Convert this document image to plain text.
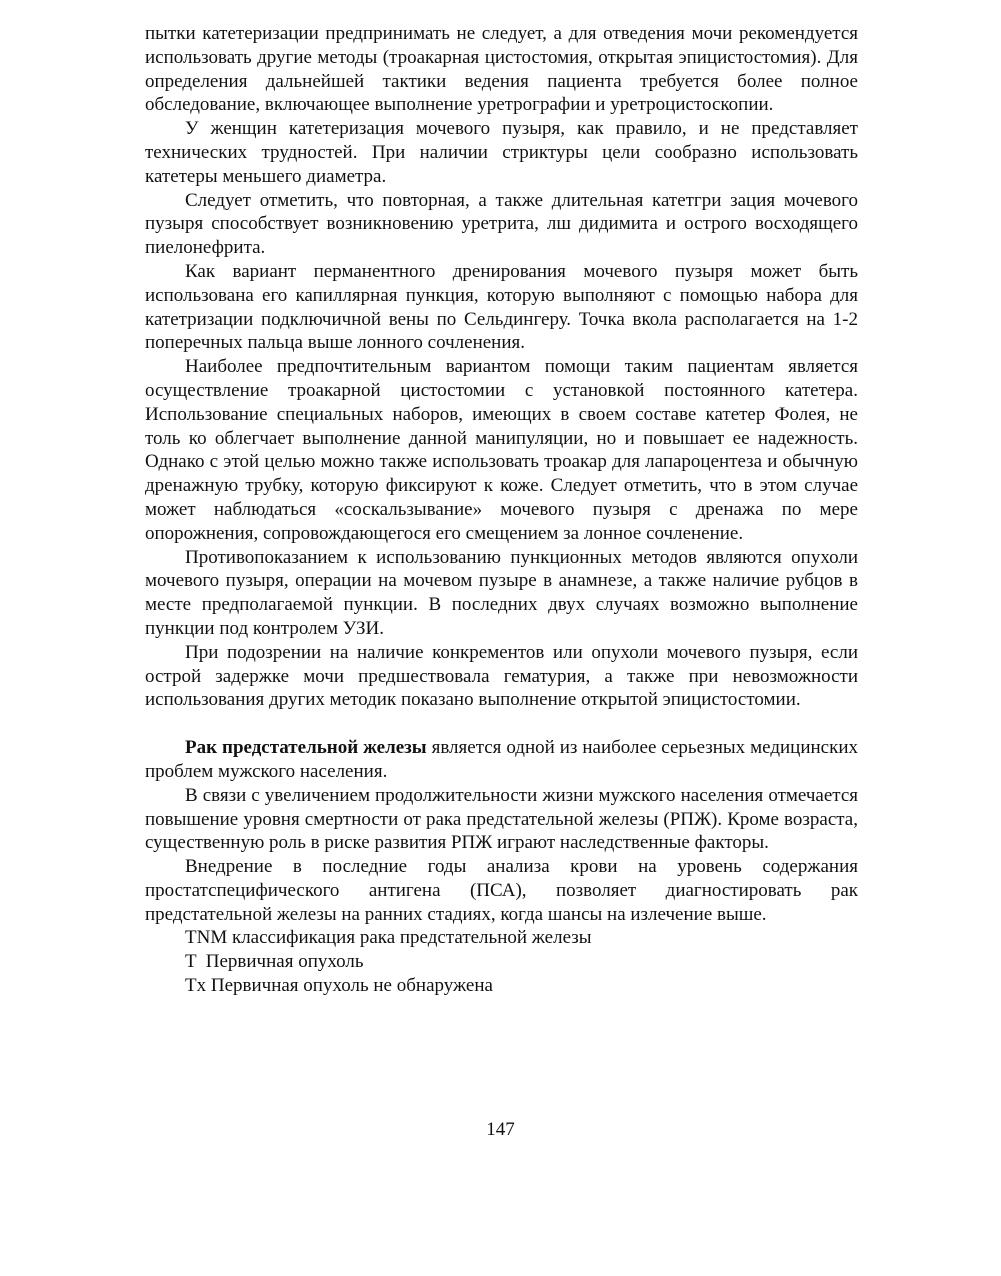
пытки катетеризации предпринимать не следует, а для отведения мочи рекомендуется использовать другие методы (троакарная цистостомия, открытая эпицистостомия). Для определения дальнейшей тактики ведения пациента требуется более полное обследование, включающее выполнение уретрографии и уретроцистоскопии.

У женщин катетеризация мочевого пузыря, как правило, и не представляет технических трудностей. При наличии стриктуры цели сообразно использовать катетеры меньшего диаметра.

Следует отметить, что повторная, а также длительная катетгри зация мочевого пузыря способствует возникновению уретрита, лш дидимита и острого восходящего пиелонефрита.

Как вариант перманентного дренирования мочевого пузыря может быть использована его капиллярная пункция, которую выполняют с помощью набора для катетризации подключичной вены по Сельдингеру. Точка вкола располагается на 1-2 поперечных пальца выше лонного сочленения.

Наиболее предпочтительным вариантом помощи таким пациентам является осуществление троакарной цистостомии с установкой постоянного катетера. Использование специальных наборов, имеющих в своем составе катетер Фолея, не толь ко облегчает выполнение данной манипуляции, но и повышает ее надежность. Однако с этой целью можно также использовать троакар для лапароцентеза и обычную дренажную трубку, которую фиксируют к коже. Следует отметить, что в этом случае может наблюдаться «соскальзывание» мочевого пузыря с дренажа по мере опорожнения, сопровождающегося его смещением за лонное сочленение.

Противопоказанием к использованию пункционных методов являются опухоли мочевого пузыря, операции на мочевом пузыре в анамнезе, а также наличие рубцов в месте предполагаемой пункции. В последних двух случаях возможно выполнение пункции под контролем УЗИ.

При подозрении на наличие конкрементов или опухоли мочевого пузыря, если острой задержке мочи предшествовала гематурия, а также при невозможности использования других методик показано выполнение открытой эпицистостомии.

Рак предстательной железы является одной из наиболее серьезных медицинских проблем мужского населения.

В связи с увеличением продолжительности жизни мужского населения отмечается повышение уровня смертности от рака предстательной железы (РПЖ). Кроме возраста, существенную роль в риске развития РПЖ играют наследственные факторы.

Внедрение в последние годы анализа крови на уровень содержания простатспецифического антигена (ПСА), позволяет диагностировать рак предстательной железы на ранних стадиях, когда шансы на излечение выше.

TNM классификация рака предстательной железы

T  Первичная опухоль

Tx Первичная опухоль не обнаружена

147
